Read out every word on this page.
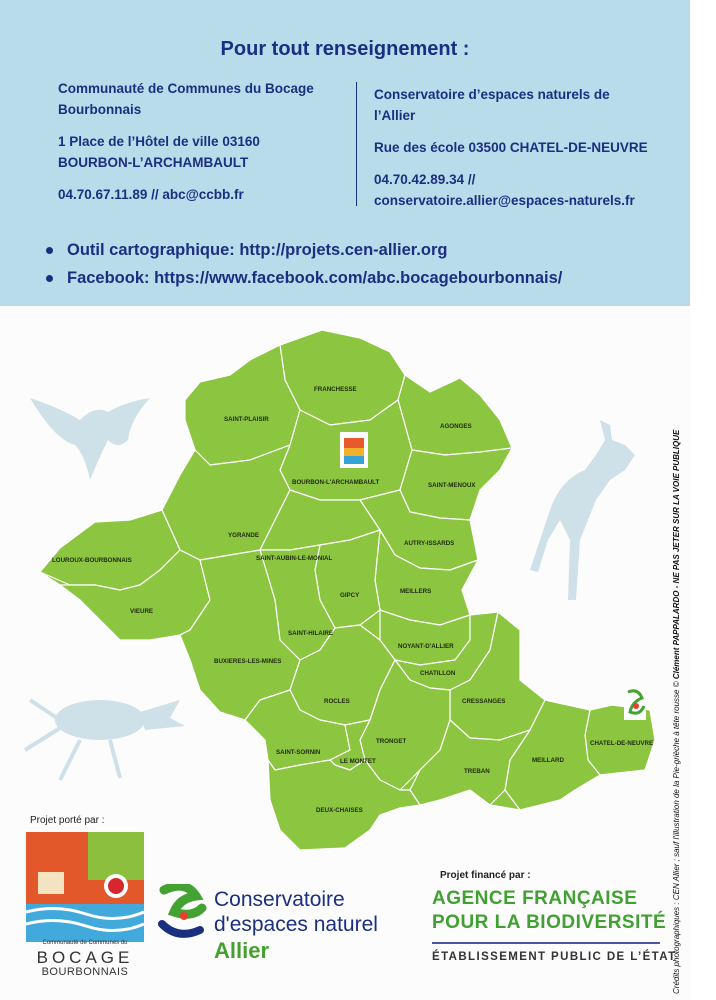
Pour tout renseignement :

Communauté de Communes du Bocage

Bourbonnais

1 Place de l’Hôtel de ville 03160

BOURBON-L’ARCHAMBAULT

04.70.67.11.89 // abc@ccbb.fr

Conservatoire d’espaces naturels de

l’Allier

Rue des école 03500 CHATEL-DE-NEUVRE

04.70.42.89.34 //

conservatoire.allier@espaces-naturels.fr

Outil cartographique: http://projets.cen-allier.org
Facebook: https://www.facebook.com/abc.bocagebourbonnais/
FRANCHESSE
SAINT-PLAISIR
AGONGES
BOURBON-L'ARCHAMBAULT	SAINT-MENOUX
YGRANDE
AUTRY-ISSARDS
LOUROUX-BOURBONNAIS	SAINT-AUBIN-LE-MONIAL
MEILLERS
GIPCY
VIEURE
SAINT-HILAIRE
NOYANT-D'ALLIER
BUXIERES-LES-MINES
CHATILLON
CRESSANGES
ROCLES
TRONGET
SAINT-SORNIN
LE MONTET
CHATEL-DE-NEUVRE
MEILLARD
TREBAN
DEUX-CHAISES	Crédits photographiques : CEN Allier ; sauf l'illustration de la Pie-grièche à tête rousse © Clément PAPPALARDO - NE PAS JETER SUR LA VOIE PUBLIQUE
Projet porté par :
Communauté de Communes du
BOCAGE
BOURBONNAIS
Conservatoire
d'espaces naturel
Allier
Projet financé par :
AGENCE FRANÇAISE
POUR LA BIODIVERSITÉ
ÉTABLISSEMENT PUBLIC DE L’ÉTAT
